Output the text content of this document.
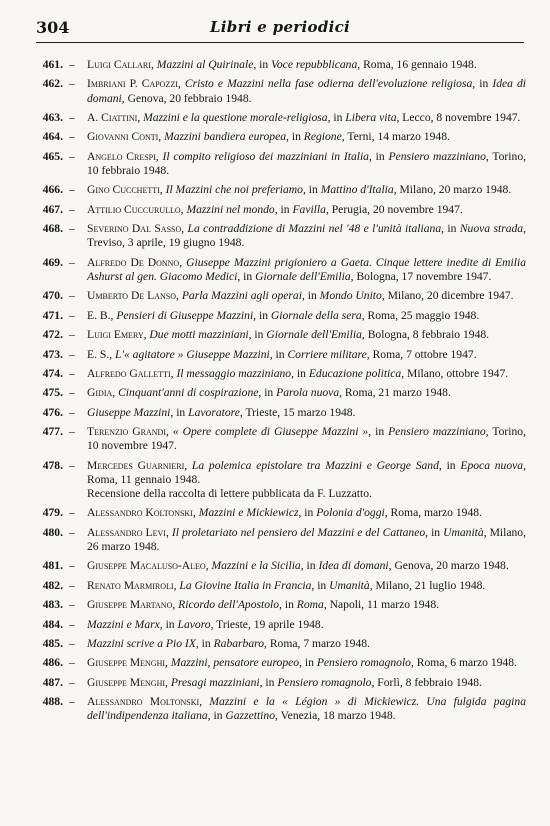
304	Libri e periodici
461. – Luigi Callari, Mazzini al Quirinale, in Voce repubblicana, Roma, 16 gennaio 1948.
462. – Imbriani P. Capozzi, Cristo e Mazzini nella fase odierna dell'evoluzione religiosa, in Idea di domani, Genova, 20 febbraio 1948.
463. – A. Ciattini, Mazzini e la questione morale-religiosa, in Libera vita, Lecco, 8 novembre 1947.
464. – Giovanni Conti, Mazzini bandiera europea, in Regione, Terni, 14 marzo 1948.
465. – Angelo Crespi, Il compito religioso dei mazziniani in Italia, in Pensiero mazziniano, Torino, 10 febbraio 1948.
466. – Gino Cucchetti, Il Mazzini che noi preferiamo, in Mattino d'Italia, Milano, 20 marzo 1948.
467. – Attilio Cuccurullo, Mazzini nel mondo, in Favilla, Perugia, 20 novembre 1947.
468. – Severino Dal Sasso, La contraddizione di Mazzini nel '48 e l'unità italiana, in Nuova strada, Treviso, 3 aprile, 19 giugno 1948.
469. – Alfredo De Donno, Giuseppe Mazzini prigioniero a Gaeta. Cinque lettere inedite di Emilia Ashurst al gen. Giacomo Medici, in Giornale dell'Emilia, Bologna, 17 novembre 1947.
470. – Umberto De Lanso, Parla Mazzini agli operai, in Mondo Unito, Milano, 20 dicembre 1947.
471. – E. B., Pensieri di Giuseppe Mazzini, in Giornale della sera, Roma, 25 maggio 1948.
472. – Luigi Emery, Due motti mazziniani, in Giornale dell'Emilia, Bologna, 8 febbraio 1948.
473. – E. S., L'« agitatore » Giuseppe Mazzini, in Corriere militare, Roma, 7 ottobre 1947.
474. – Alfredo Galletti, Il messaggio mazziniano, in Educazione politica, Milano, ottobre 1947.
475. – Gidia, Cinquant'anni di cospirazione, in Parola nuova, Roma, 21 marzo 1948.
476. – Giuseppe Mazzini, in Lavoratore, Trieste, 15 marzo 1948.
477. – Terenzio Grandi, « Opere complete di Giuseppe Mazzini », in Pensiero mazziniano, Torino, 10 novembre 1947.
478. – Mercedes Guarnieri, La polemica epistolare tra Mazzini e George Sand, in Epoca nuova, Roma, 11 gennaio 1948.
Recensione della raccolta di lettere pubblicata da F. Luzzatto.
479. – Alessandro Koltonski, Mazzini e Mickiewicz, in Polonia d'oggi, Roma, marzo 1948.
480. – Alessandro Levi, Il proletariato nel pensiero del Mazzini e del Cattaneo, in Umanità, Milano, 26 marzo 1948.
481. – Giuseppe Macaluso-Aleo, Mazzini e la Sicilia, in Idea di domani, Genova, 20 marzo 1948.
482. – Renato Marmiroli, La Giovine Italia in Francia, in Umanità, Milano, 21 luglio 1948.
483. – Giuseppe Martano, Ricordo dell'Apostolo, in Roma, Napoli, 11 marzo 1948.
484. – Mazzini e Marx, in Lavoro, Trieste, 19 aprile 1948.
485. – Mazzini scrive a Pio IX, in Rabarbaro, Roma, 7 marzo 1948.
486. – Giuseppe Menghi, Mazzini, pensatore europeo, in Pensiero romagnolo, Roma, 6 marzo 1948.
487. – Giuseppe Menghi, Presagi mazziniani, in Pensiero romagnolo, Forlì, 8 febbraio 1948.
488. – Alessandro Moltonski, Mazzini e la « Légion » di Mickiewicz. Una fulgida pagina dell'indipendenza italiana, in Gazzettino, Venezia, 18 marzo 1948.
